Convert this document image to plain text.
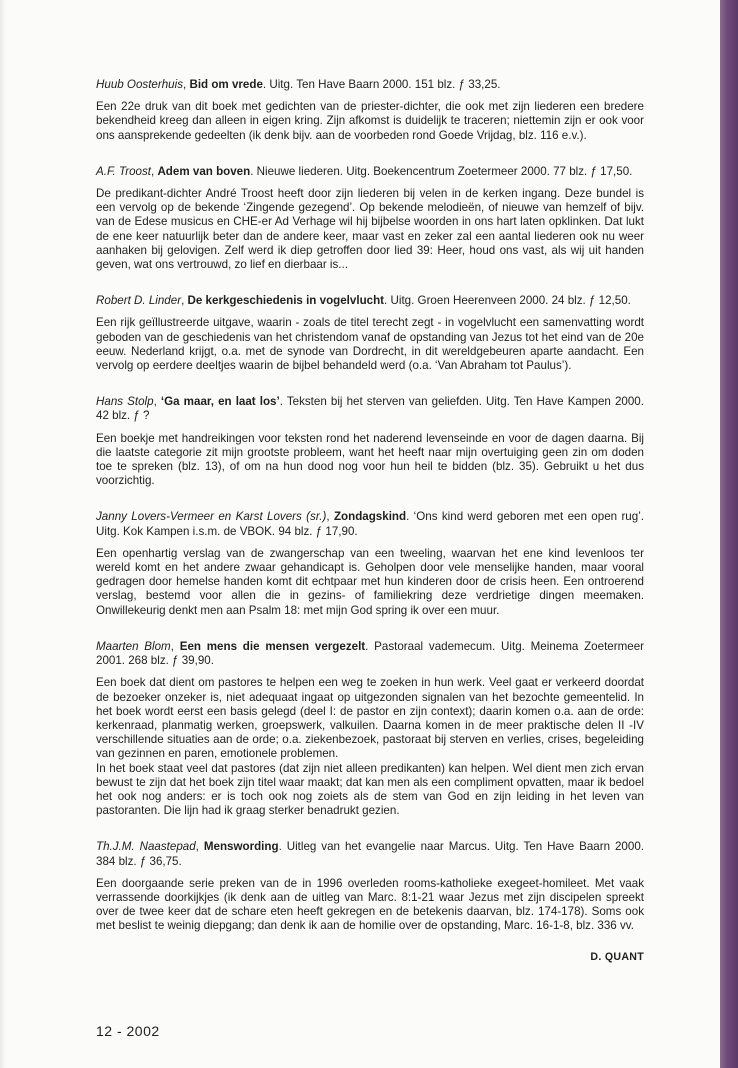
Huub Oosterhuis, Bid om vrede. Uitg. Ten Have Baarn 2000. 151 blz. ƒ 33,25.

Een 22e druk van dit boek met gedichten van de priester-dichter, die ook met zijn liederen een bredere bekendheid kreeg dan alleen in eigen kring. Zijn afkomst is duidelijk te traceren; niettemin zijn er ook voor ons aansprekende gedeelten (ik denk bijv. aan de voorbeden rond Goede Vrijdag, blz. 116 e.v.).

A.F. Troost, Adem van boven. Nieuwe liederen. Uitg. Boekencentrum Zoetermeer 2000. 77 blz. ƒ 17,50.

De predikant-dichter André Troost heeft door zijn liederen bij velen in de kerken ingang. Deze bundel is een vervolg op de bekende ‘Zingende gezegend’. Op bekende melodieën, of nieuwe van hemzelf of bijv. van de Edese musicus en CHE-er Ad Verhage wil hij bijbelse woorden in ons hart laten opklinken. Dat lukt de ene keer natuurlijk beter dan de andere keer, maar vast en zeker zal een aantal liederen ook nu weer aanhaken bij gelovigen. Zelf werd ik diep getroffen door lied 39: Heer, houd ons vast, als wij uit handen geven, wat ons vertrouwd, zo lief en dierbaar is...

Robert D. Linder, De kerkgeschiedenis in vogelvlucht. Uitg. Groen Heerenveen 2000. 24 blz. ƒ 12,50.

Een rijk geïllustreerde uitgave, waarin - zoals de titel terecht zegt - in vogelvlucht een samenvatting wordt geboden van de geschiedenis van het christendom vanaf de opstanding van Jezus tot het eind van de 20e eeuw. Nederland krijgt, o.a. met de synode van Dordrecht, in dit wereldgebeuren aparte aandacht. Een vervolg op eerdere deeltjes waarin de bijbel behandeld werd (o.a. ‘Van Abraham tot Paulus’).

Hans Stolp, ‘Ga maar, en laat los’. Teksten bij het sterven van geliefden. Uitg. Ten Have Kampen 2000. 42 blz. ƒ ?

Een boekje met handreikingen voor teksten rond het naderend levenseinde en voor de dagen daarna. Bij die laatste categorie zit mijn grootste probleem, want het heeft naar mijn overtuiging geen zin om doden toe te spreken (blz. 13), of om na hun dood nog voor hun heil te bidden (blz. 35). Gebruikt u het dus voorzichtig.

Janny Lovers-Vermeer en Karst Lovers (sr.), Zondagskind. ‘Ons kind werd geboren met een open rug’. Uitg. Kok Kampen i.s.m. de VBOK. 94 blz. ƒ 17,90.

Een openhartig verslag van de zwangerschap van een tweeling, waarvan het ene kind levenloos ter wereld komt en het andere zwaar gehandicapt is. Geholpen door vele menselijke handen, maar vooral gedragen door hemelse handen komt dit echtpaar met hun kinderen door de crisis heen. Een ontroerend verslag, bestemd voor allen die in gezins- of familiekring deze verdrietige dingen meemaken. Onwillekeurig denkt men aan Psalm 18: met mijn God spring ik over een muur.

Maarten Blom, Een mens die mensen vergezelt. Pastoraal vademecum. Uitg. Meinema Zoetermeer 2001. 268 blz. ƒ 39,90.

Een boek dat dient om pastores te helpen een weg te zoeken in hun werk. Veel gaat er verkeerd doordat de bezoeker onzeker is, niet adequaat ingaat op uitgezonden signalen van het bezochte gemeentelid. In het boek wordt eerst een basis gelegd (deel I: de pastor en zijn context); daarin komen o.a. aan de orde: kerkenraad, planmatig werken, groepswerk, valkuilen. Daarna komen in de meer praktische delen II -IV verschillende situaties aan de orde; o.a. ziekenbezoek, pastoraat bij sterven en verlies, crises, begeleiding van gezinnen en paren, emotionele problemen.
In het boek staat veel dat pastores (dat zijn niet alleen predikanten) kan helpen. Wel dient men zich ervan bewust te zijn dat het boek zijn titel waar maakt; dat kan men als een compliment opvatten, maar ik bedoel het ook nog anders: er is toch ook nog zoiets als de stem van God en zijn leiding in het leven van pastoranten. Die lijn had ik graag sterker benadrukt gezien.

Th.J.M. Naastepad, Menswording. Uitleg van het evangelie naar Marcus. Uitg. Ten Have Baarn 2000. 384 blz. ƒ 36,75.

Een doorgaande serie preken van de in 1996 overleden rooms-katholieke exegeet-homileet. Met vaak verrassende doorkijkjes (ik denk aan de uitleg van Marc. 8:1-21 waar Jezus met zijn discipelen spreekt over de twee keer dat de schare eten heeft gekregen en de betekenis daarvan, blz. 174-178). Soms ook met beslist te weinig diepgang; dan denk ik aan de homilie over de opstanding, Marc. 16-1-8, blz. 336 vv.

D. QUANT
12 - 2002
